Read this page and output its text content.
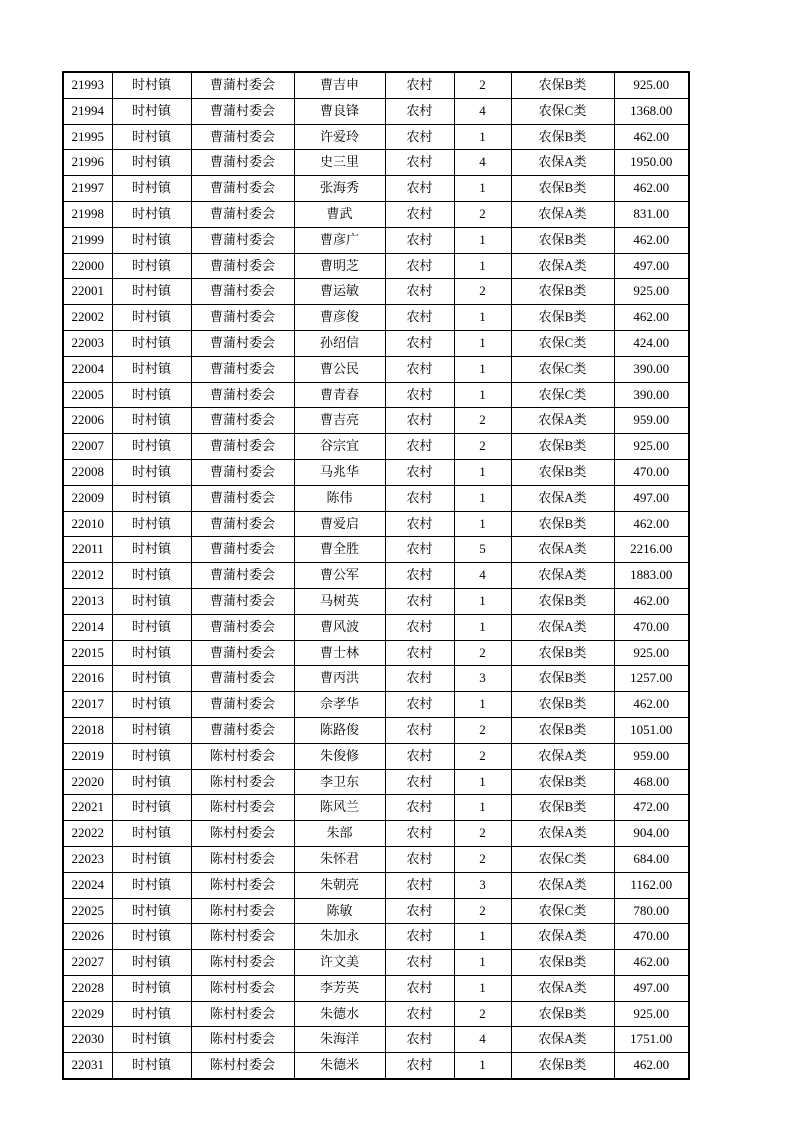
21993	时村镇	曹蒲村委会	曹吉申	农村	2	农保B类	925.00
21994	时村镇	曹蒲村委会	曹良锋	农村	4	农保C类	1368.00
21995	时村镇	曹蒲村委会	许爱玲	农村	1	农保B类	462.00
21996	时村镇	曹蒲村委会	史三里	农村	4	农保A类	1950.00
21997	时村镇	曹蒲村委会	张海秀	农村	1	农保B类	462.00
21998	时村镇	曹蒲村委会	曹武	农村	2	农保A类	831.00
21999	时村镇	曹蒲村委会	曹彦广	农村	1	农保B类	462.00
22000	时村镇	曹蒲村委会	曹明芝	农村	1	农保A类	497.00
22001	时村镇	曹蒲村委会	曹运敏	农村	2	农保B类	925.00
22002	时村镇	曹蒲村委会	曹彦俊	农村	1	农保B类	462.00
22003	时村镇	曹蒲村委会	孙绍信	农村	1	农保C类	424.00
22004	时村镇	曹蒲村委会	曹公民	农村	1	农保C类	390.00
22005	时村镇	曹蒲村委会	曹青春	农村	1	农保C类	390.00
22006	时村镇	曹蒲村委会	曹吉亮	农村	2	农保A类	959.00
22007	时村镇	曹蒲村委会	谷宗宜	农村	2	农保B类	925.00
22008	时村镇	曹蒲村委会	马兆华	农村	1	农保B类	470.00
22009	时村镇	曹蒲村委会	陈伟	农村	1	农保A类	497.00
22010	时村镇	曹蒲村委会	曹爱启	农村	1	农保B类	462.00
22011	时村镇	曹蒲村委会	曹全胜	农村	5	农保A类	2216.00
22012	时村镇	曹蒲村委会	曹公军	农村	4	农保A类	1883.00
22013	时村镇	曹蒲村委会	马树英	农村	1	农保B类	462.00
22014	时村镇	曹蒲村委会	曹风波	农村	1	农保A类	470.00
22015	时村镇	曹蒲村委会	曹士林	农村	2	农保B类	925.00
22016	时村镇	曹蒲村委会	曹丙洪	农村	3	农保B类	1257.00
22017	时村镇	曹蒲村委会	佘孝华	农村	1	农保B类	462.00
22018	时村镇	曹蒲村委会	陈路俊	农村	2	农保B类	1051.00
22019	时村镇	陈村村委会	朱俊修	农村	2	农保A类	959.00
22020	时村镇	陈村村委会	李卫东	农村	1	农保B类	468.00
22021	时村镇	陈村村委会	陈风兰	农村	1	农保B类	472.00
22022	时村镇	陈村村委会	朱部	农村	2	农保A类	904.00
22023	时村镇	陈村村委会	朱怀君	农村	2	农保C类	684.00
22024	时村镇	陈村村委会	朱朝亮	农村	3	农保A类	1162.00
22025	时村镇	陈村村委会	陈敏	农村	2	农保C类	780.00
22026	时村镇	陈村村委会	朱加永	农村	1	农保A类	470.00
22027	时村镇	陈村村委会	许文美	农村	1	农保B类	462.00
22028	时村镇	陈村村委会	李芳英	农村	1	农保A类	497.00
22029	时村镇	陈村村委会	朱德水	农村	2	农保B类	925.00
22030	时村镇	陈村村委会	朱海洋	农村	4	农保A类	1751.00
22031	时村镇	陈村村委会	朱德米	农村	1	农保B类	462.00
